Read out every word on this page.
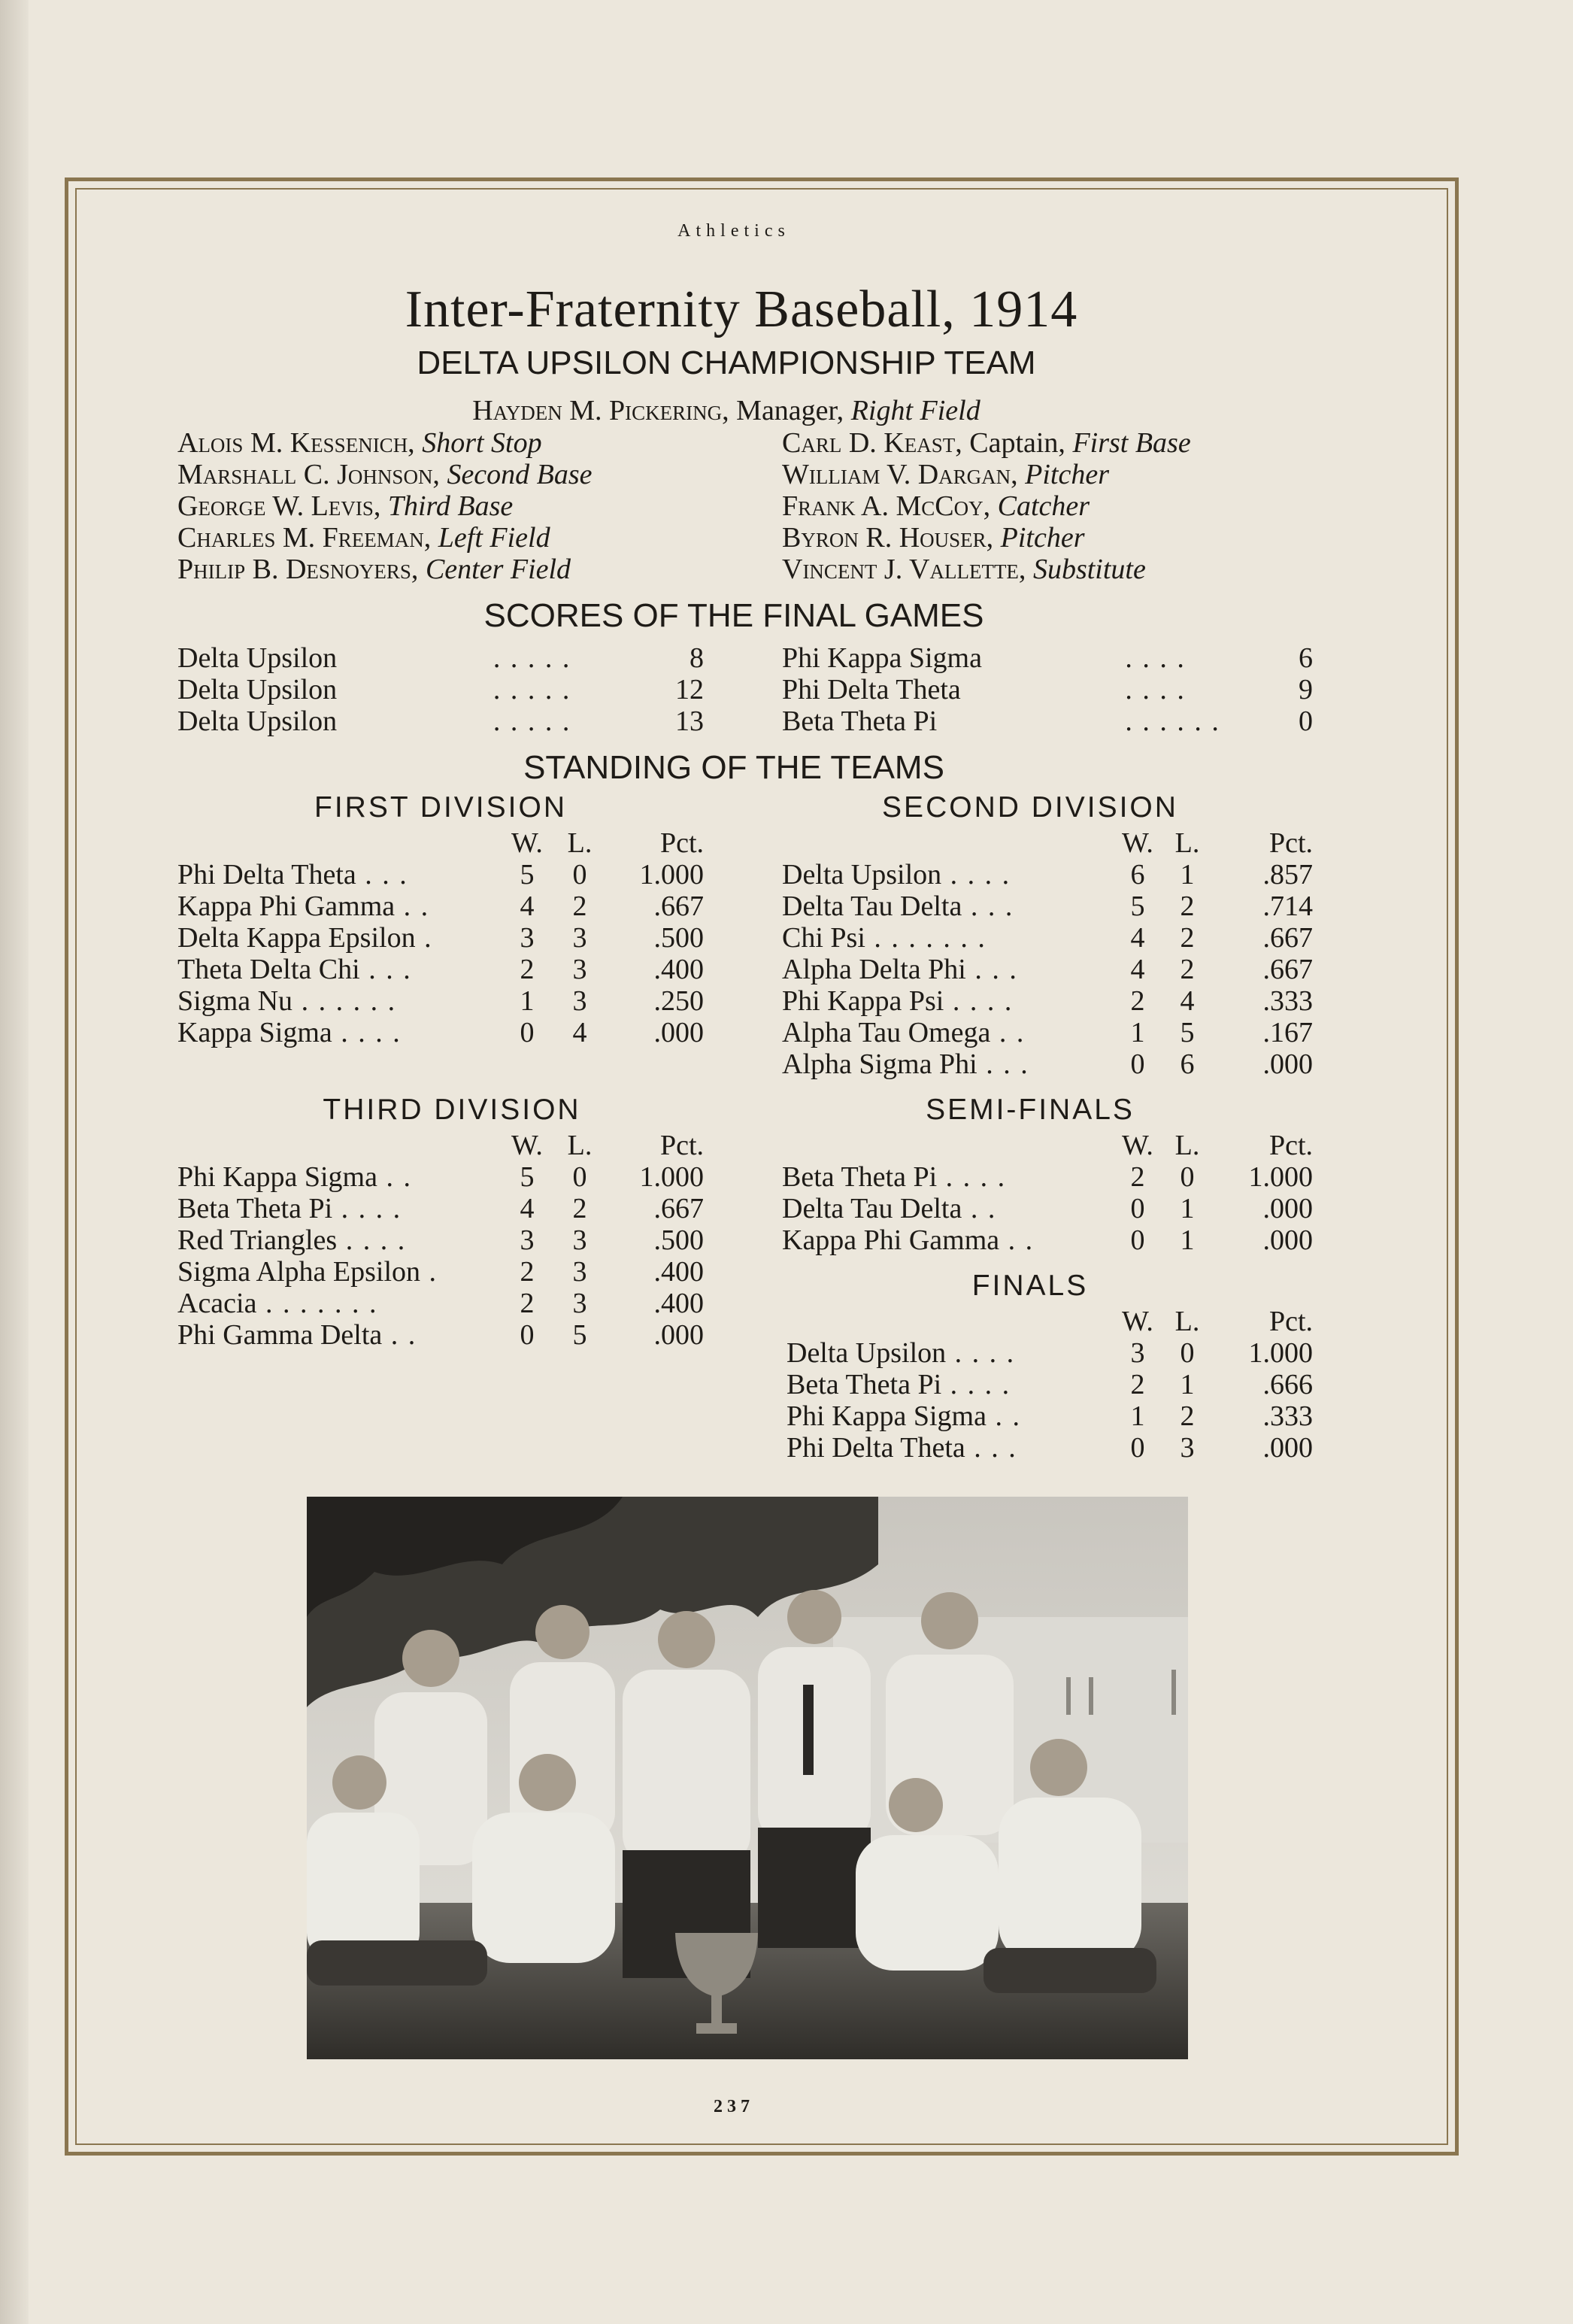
Athletics
Inter-Fraternity Baseball, 1914
DELTA UPSILON CHAMPIONSHIP TEAM
Hayden M. Pickering, Manager, Right Field
Alois M. Kessenich, Short Stop
Marshall C. Johnson, Second Base
George W. Levis, Third Base
Charles M. Freeman, Left Field
Philip B. Desnoyers, Center Field
Carl D. Keast, Captain, First Base
William V. Dargan, Pitcher
Frank A. McCoy, Catcher
Byron R. Houser, Pitcher
Vincent J. Vallette, Substitute
SCORES OF THE FINAL GAMES
Delta Upsilon	. . . . .	8
Delta Upsilon	. . . . .	12
Delta Upsilon	. . . . .	13
Phi Kappa Sigma	. . . .	6
Phi Delta Theta	. . . .	9
Beta Theta Pi	. . . . . .	0
STANDING OF THE TEAMS
FIRST DIVISION
	W.	L.	Pct.
Phi Delta Theta . . .	5	0	1.000
Kappa Phi Gamma . .	4	2	.667
Delta Kappa Epsilon .	3	3	.500
Theta Delta Chi . . .	2	3	.400
Sigma Nu . . . . . .	1	3	.250
Kappa Sigma . . . .	0	4	.000
SECOND DIVISION
	W.	L.	Pct.
Delta Upsilon . . . .	6	1	.857
Delta Tau Delta . . .	5	2	.714
Chi Psi . . . . . . .	4	2	.667
Alpha Delta Phi . . .	4	2	.667
Phi Kappa Psi . . . .	2	4	.333
Alpha Tau Omega . .	1	5	.167
Alpha Sigma Phi . . .	0	6	.000
THIRD DIVISION
	W.	L.	Pct.
Phi Kappa Sigma . .	5	0	1.000
Beta Theta Pi . . . .	4	2	.667
Red Triangles . . . .	3	3	.500
Sigma Alpha Epsilon .	2	3	.400
Acacia . . . . . . .	2	3	.400
Phi Gamma Delta . .	0	5	.000
SEMI-FINALS
	W.	L.	Pct.
Beta Theta Pi . . . .	2	0	1.000
Delta Tau Delta . .	0	1	.000
Kappa Phi Gamma . .	0	1	.000
FINALS
	W.	L.	Pct.
Delta Upsilon . . . .	3	0	1.000
Beta Theta Pi . . . .	2	1	.666
Phi Kappa Sigma . .	1	2	.333
Phi Delta Theta . . .	0	3	.000
237
